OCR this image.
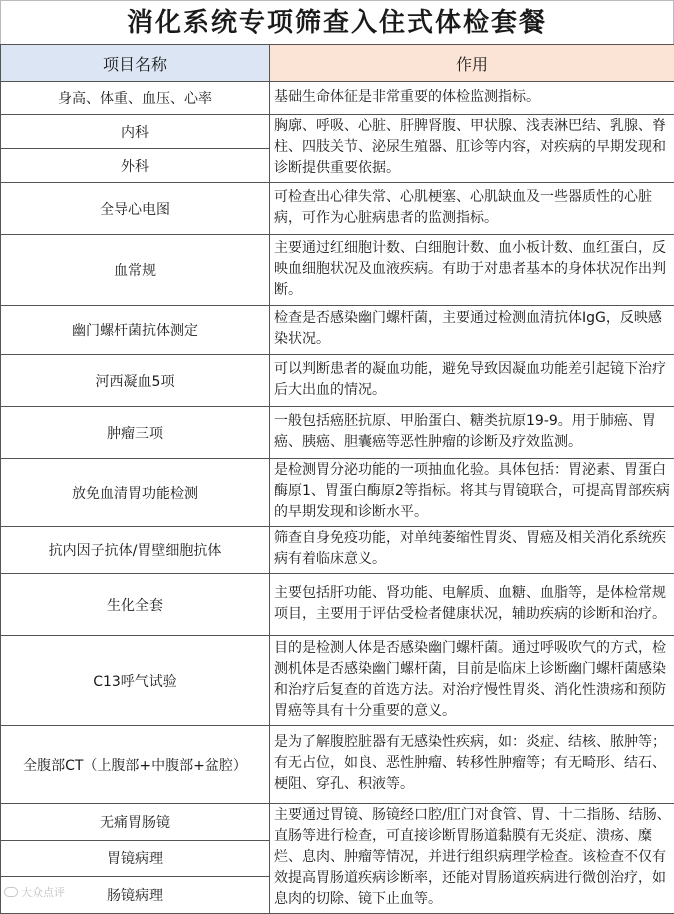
消化系统专项筛查入住式体检套餐
项目名称	作用
身高、体重、血压、心率	基础生命体征是非常重要的体检监测指标。
内科	胸廓、呼吸、心脏、肝脾肾腹、甲状腺、浅表淋巴结、乳腺、脊柱、四肢关节、泌尿生殖器、肛诊等内容，对疾病的早期发现和诊断提供重要依据。
外科	
全导心电图	可检查出心律失常、心肌梗塞、心肌缺血及一些器质性的心脏病，可作为心脏病患者的监测指标。
血常规	主要通过红细胞计数、白细胞计数、血小板计数、血红蛋白，反映血细胞状况及血液疾病。有助于对患者基本的身体状况作出判断。
幽门螺杆菌抗体测定	检查是否感染幽门螺杆菌，主要通过检测血清抗体IgG，反映感染状况。
河西凝血5项	可以判断患者的凝血功能，避免导致因凝血功能差引起镜下治疗后大出血的情况。
肿瘤三项	一般包括癌胚抗原、甲胎蛋白、糖类抗原19-9。用于肺癌、胃癌、胰癌、胆囊癌等恶性肿瘤的诊断及疗效监测。
放免血清胃功能检测	是检测胃分泌功能的一项抽血化验。具体包括：胃泌素、胃蛋白酶原1、胃蛋白酶原2等指标。将其与胃镜联合，可提高胃部疾病的早期发现和诊断水平。
抗内因子抗体/胃壁细胞抗体	筛查自身免疫功能，对单纯萎缩性胃炎、胃癌及相关消化系统疾病有着临床意义。
生化全套	主要包括肝功能、肾功能、电解质、血糖、血脂等，是体检常规项目，主要用于评估受检者健康状况，辅助疾病的诊断和治疗。
C13呼气试验	目的是检测人体是否感染幽门螺杆菌。通过呼吸吹气的方式，检测机体是否感染幽门螺杆菌，目前是临床上诊断幽门螺杆菌感染和治疗后复查的首选方法。对治疗慢性胃炎、消化性溃疡和预防胃癌等具有十分重要的意义。
全腹部CT（上腹部+中腹部+盆腔）	是为了解腹腔脏器有无感染性疾病，如：炎症、结核、脓肿等；有无占位，如良、恶性肿瘤、转移性肿瘤等；有无畸形、结石、梗阻、穿孔、积液等。
无痛胃肠镜	主要通过胃镜、肠镜经口腔/肛门对食管、胃、十二指肠、结肠、直肠等进行检查，可直接诊断胃肠道黏膜有无炎症、溃疡、糜烂、息肉、肿瘤等情况，并进行组织病理学检查。该检查不仅有效提高胃肠道疾病诊断率，还能对胃肠道疾病进行微创治疗，如息肉的切除、镜下止血等。
胃镜病理	
肠镜病理	
大众点评
